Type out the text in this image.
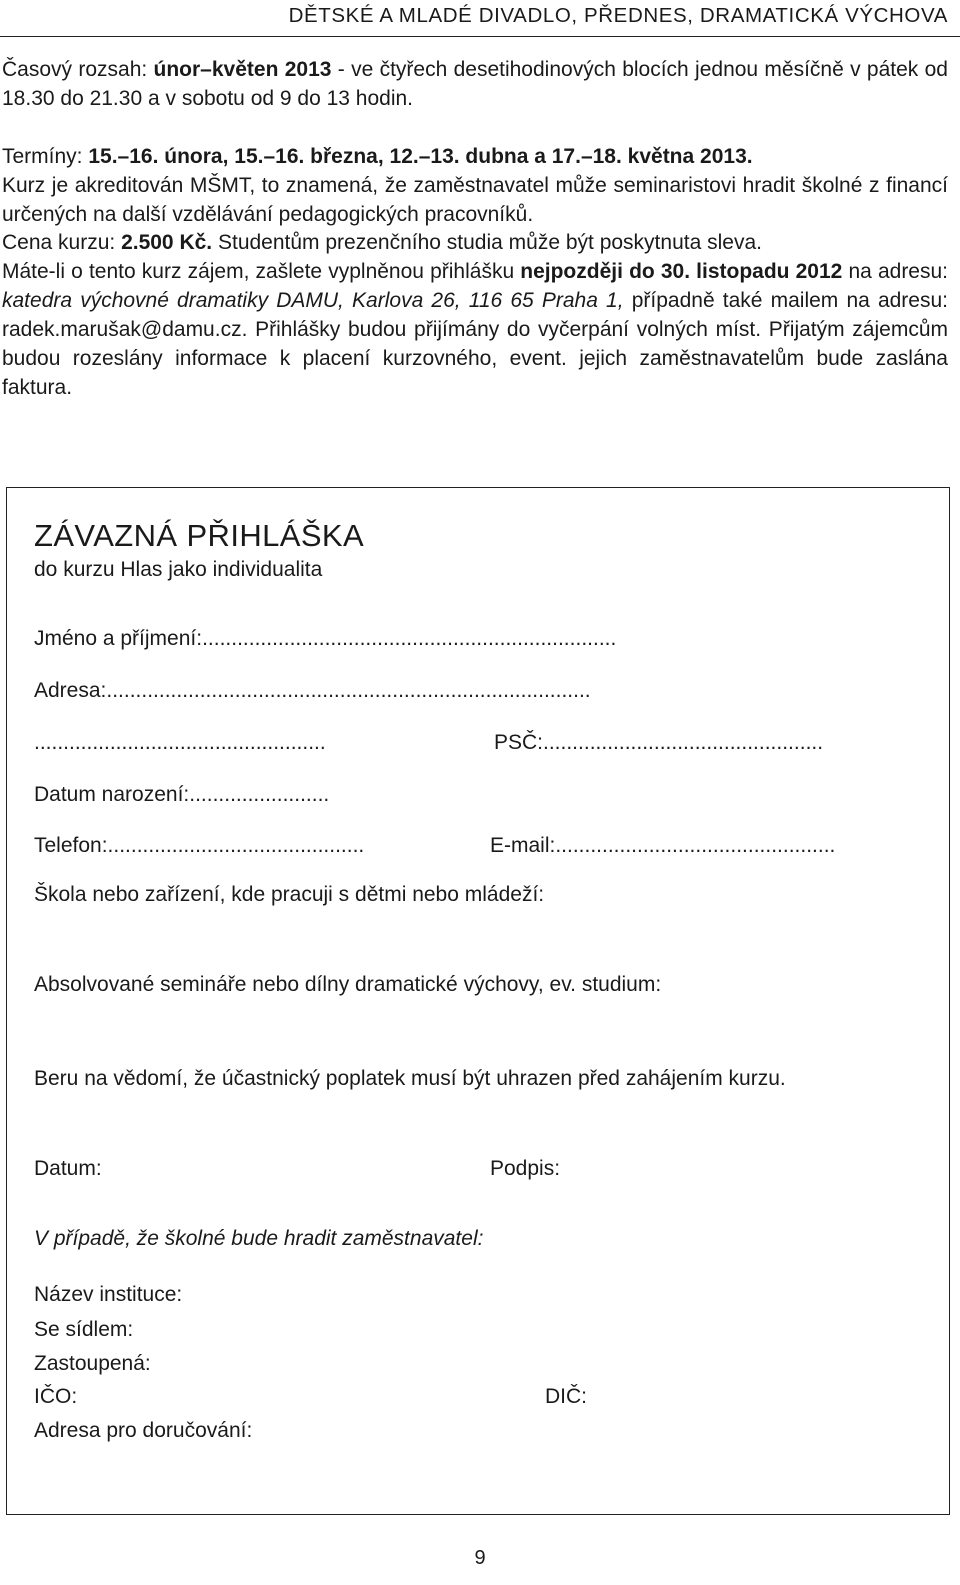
DĚTSKÉ A MLADÉ DIVADLO, PŘEDNES, DRAMATICKÁ VÝCHOVA

Časový rozsah: únor–květen 2013 - ve čtyřech desetihodinových blocích jednou měsíčně v pátek od 18.30 do 21.30 a v sobotu od 9 do 13 hodin.

Termíny: 15.–16. února, 15.–16. března, 12.–13. dubna a 17.–18. května 2013.

Kurz je akreditován MŠMT, to znamená, že zaměstnavatel může seminaristovi hradit školné z financí určených na další vzdělávání pedagogických pracovníků.

Cena kurzu: 2.500 Kč. Studentům prezenčního studia může být poskytnuta sleva.

Máte-li o tento kurz zájem, zašlete vyplněnou přihlášku nejpozději do 30. listopadu 2012 na adresu: katedra výchovné dramatiky DAMU, Karlova 26, 116 65 Praha 1, případně také mailem na adresu: radek.marušak@damu.cz. Přihlášky budou přijímány do vyčerpání volných míst. Přijatým zájemcům budou rozeslány informace k placení kurzovného, event. jejich zaměstnavatelům bude zaslána faktura.

ZÁVAZNÁ PŘIHLÁŠKA
do kurzu Hlas jako individualita
Jméno a příjmení:.......................................................................
Adresa:...................................................................................
..................................................	PSČ:................................................
Datum narození:........................
Telefon:............................................	E-mail:................................................
Škola nebo zařízení, kde pracuji s dětmi nebo mládeží:
Absolvované semináře nebo dílny dramatické výchovy, ev. studium:
Beru na vědomí, že účastnický poplatek musí být uhrazen před zahájením kurzu.
Datum:	Podpis:
V případě, že školné bude hradit zaměstnavatel:
Název instituce:
Se sídlem:
Zastoupená:
IČO:	DIČ:
Adresa pro doručování:
9
